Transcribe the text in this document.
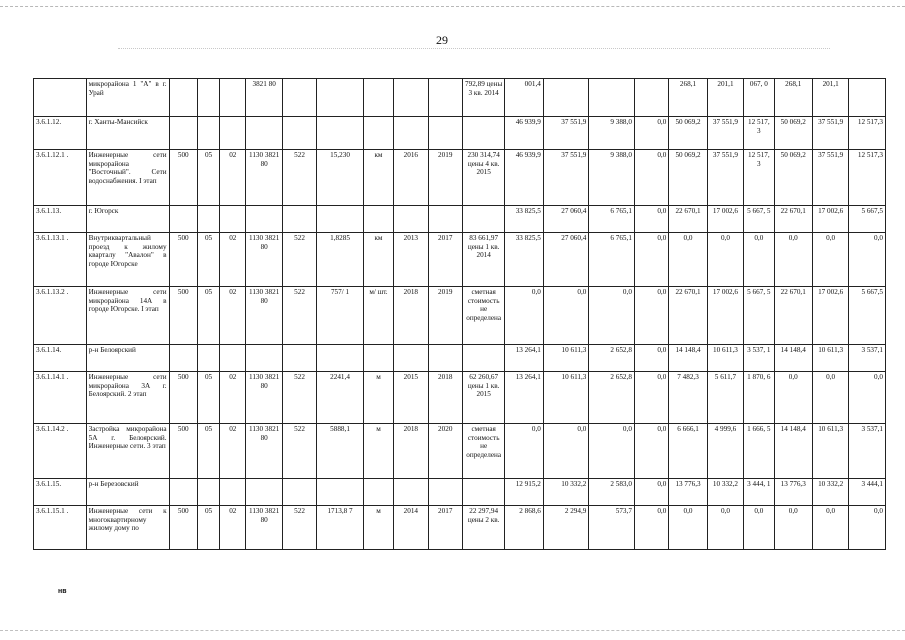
29
	микрорайона 1 "А" в г. Урай				3821 80						792,89 цены 3 кв. 2014	001,4				268,1	201,1	067, 0	268,1	201,1	
3.6.1.12.	г. Ханты-Мансийск											46 939,9	37 551,9	9 388,0	0,0	50 069,2	37 551,9	12 517, 3	50 069,2	37 551,9	12 517,3
3.6.1.12.1 .	Инженерные сети микрорайона "Восточный". Сети водоснабжения. I этап	500	05	02	1130 3821 80	522	15,230	км	2016	2019	230 314,74 цены 4 кв. 2015	46 939,9	37 551,9	9 388,0	0,0	50 069,2	37 551,9	12 517, 3	50 069,2	37 551,9	12 517,3
3.6.1.13.	г. Югорск											33 825,5	27 060,4	6 765,1	0,0	22 670,1	17 002,6	5 667, 5	22 670,1	17 002,6	5 667,5
3.6.1.13.1 .	Внутриквартальный проезд к жилому кварталу "Авалон" в городе Югорске	500	05	02	1130 3821 80	522	1,8285	км	2013	2017	83 661,97 цены 1 кв. 2014	33 825,5	27 060,4	6 765,1	0,0	0,0	0,0	0,0	0,0	0,0	0,0
3.6.1.13.2 .	Инженерные сети микрорайона 14А в городе Югорске. I этап	500	05	02	1130 3821 80	522	757/ 1	м/ шт.	2018	2019	сметная стоимость не определена	0,0	0,0	0,0	0,0	22 670,1	17 002,6	5 667, 5	22 670,1	17 002,6	5 667,5
3.6.1.14.	р-н Белоярский											13 264,1	10 611,3	2 652,8	0,0	14 148,4	10 611,3	3 537, 1	14 148,4	10 611,3	3 537,1
3.6.1.14.1 .	Инженерные сети микрорайона 3А г. Белоярский. 2 этап	500	05	02	1130 3821 80	522	2241,4	м	2015	2018	62 260,67 цены 1 кв. 2015	13 264,1	10 611,3	2 652,8	0,0	7 482,3	5 611,7	1 870, 6	0,0	0,0	0,0
3.6.1.14.2 .	Застройка микрорайона 5А г. Белоярский. Инженерные сети. 3 этап	500	05	02	1130 3821 80	522	5888,1	м	2018	2020	сметная стоимость не определена	0,0	0,0	0,0	0,0	6 666,1	4 999,6	1 666, 5	14 148,4	10 611,3	3 537,1
3.6.1.15.	р-н Березовский											12 915,2	10 332,2	2 583,0	0,0	13 776,3	10 332,2	3 444, 1	13 776,3	10 332,2	3 444,1
3.6.1.15.1 .	Инженерные сети к многоквартирному жилому дому по	500	05	02	1130 3821 80	522	1713,8 7	м	2014	2017	22 297,94 цены 2 кв.	2 868,6	2 294,9	573,7	0,0	0,0	0,0	0,0	0,0	0,0	0,0
нв
